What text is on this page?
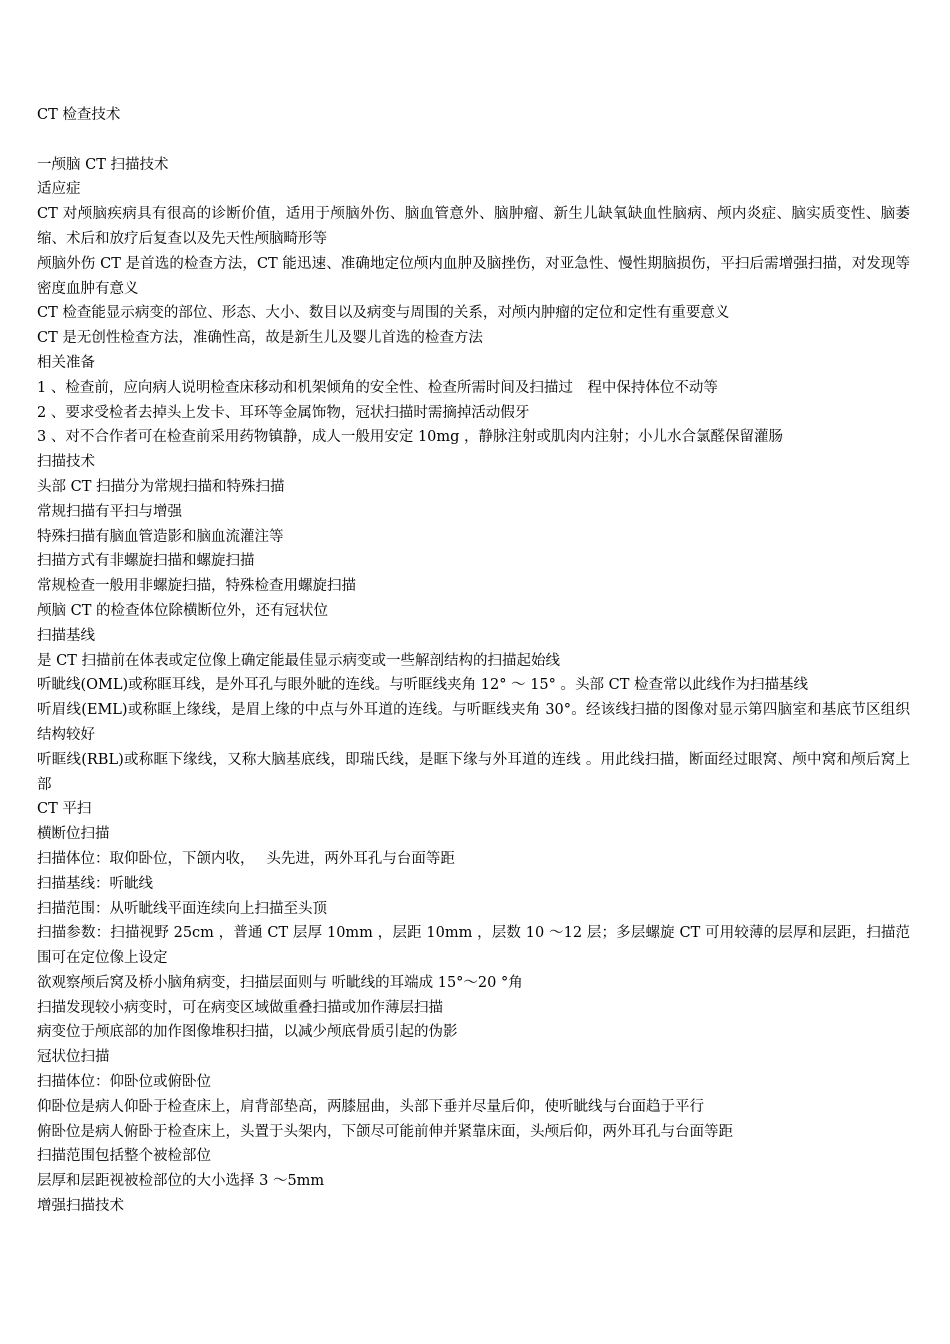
CT 检查技术

一颅脑 CT 扫描技术

适应症

CT 对颅脑疾病具有很高的诊断价值，适用于颅脑外伤、脑血管意外、脑肿瘤、新生儿缺氧缺血性脑病、颅内炎症、脑实质变性、脑萎缩、术后和放疗后复查以及先天性颅脑畸形等

颅脑外伤 CT 是首选的检查方法，CT 能迅速、准确地定位颅内血肿及脑挫伤，对亚急性、慢性期脑损伤，平扫后需增强扫描，对发现等密度血肿有意义

CT 检查能显示病变的部位、形态、大小、数目以及病变与周围的关系，对颅内肿瘤的定位和定性有重要意义

CT 是无创性检查方法，准确性高，故是新生儿及婴儿首选的检查方法

相关准备

1 、检查前，应向病人说明检查床移动和机架倾角的安全性、检查所需时间及扫描过　程中保持体位不动等

2 、要求受检者去掉头上发卡、耳环等金属饰物，冠状扫描时需摘掉活动假牙

3 、对不合作者可在检查前采用药物镇静，成人一般用安定 10mg ，静脉注射或肌肉内注射；小儿水合氯醛保留灌肠

扫描技术

头部 CT 扫描分为常规扫描和特殊扫描

常规扫描有平扫与增强

特殊扫描有脑血管造影和脑血流灌注等

扫描方式有非螺旋扫描和螺旋扫描

常规检查一般用非螺旋扫描，特殊检查用螺旋扫描

颅脑 CT 的检查体位除横断位外，还有冠状位

扫描基线

是 CT 扫描前在体表或定位像上确定能最佳显示病变或一些解剖结构的扫描起始线

听眦线(OML)或称眶耳线，是外耳孔与眼外眦的连线。与听眶线夹角 12° ～ 15° 。头部 CT 检查常以此线作为扫描基线

听眉线(EML)或称眶上缘线，是眉上缘的中点与外耳道的连线。与听眶线夹角 30°。经该线扫描的图像对显示第四脑室和基底节区组织结构较好

听眶线(RBL)或称眶下缘线，又称大脑基底线，即瑞氏线，是眶下缘与外耳道的连线 。用此线扫描，断面经过眼窝、颅中窝和颅后窝上部

CT 平扫

横断位扫描

扫描体位：取仰卧位，下颌内收，　 头先进，两外耳孔与台面等距

扫描基线：听眦线

扫描范围：从听眦线平面连续向上扫描至头顶

扫描参数：扫描视野 25cm ，普通 CT 层厚 10mm ，层距 10mm ，层数 10 ～12 层；多层螺旋 CT 可用较薄的层厚和层距，扫描范围可在定位像上设定

欲观察颅后窝及桥小脑角病变，扫描层面则与 听眦线的耳端成 15°～20 °角

扫描发现较小病变时，可在病变区域做重叠扫描或加作薄层扫描

病变位于颅底部的加作图像堆积扫描，以减少颅底骨质引起的伪影

冠状位扫描

扫描体位：仰卧位或俯卧位

仰卧位是病人仰卧于检查床上，肩背部垫高，两膝屈曲，头部下垂并尽量后仰，使听眦线与台面趋于平行

俯卧位是病人俯卧于检查床上，头置于头架内，下颌尽可能前伸并紧靠床面，头颅后仰，两外耳孔与台面等距

扫描范围包括整个被检部位

层厚和层距视被检部位的大小选择 3 ～5mm

增强扫描技术
